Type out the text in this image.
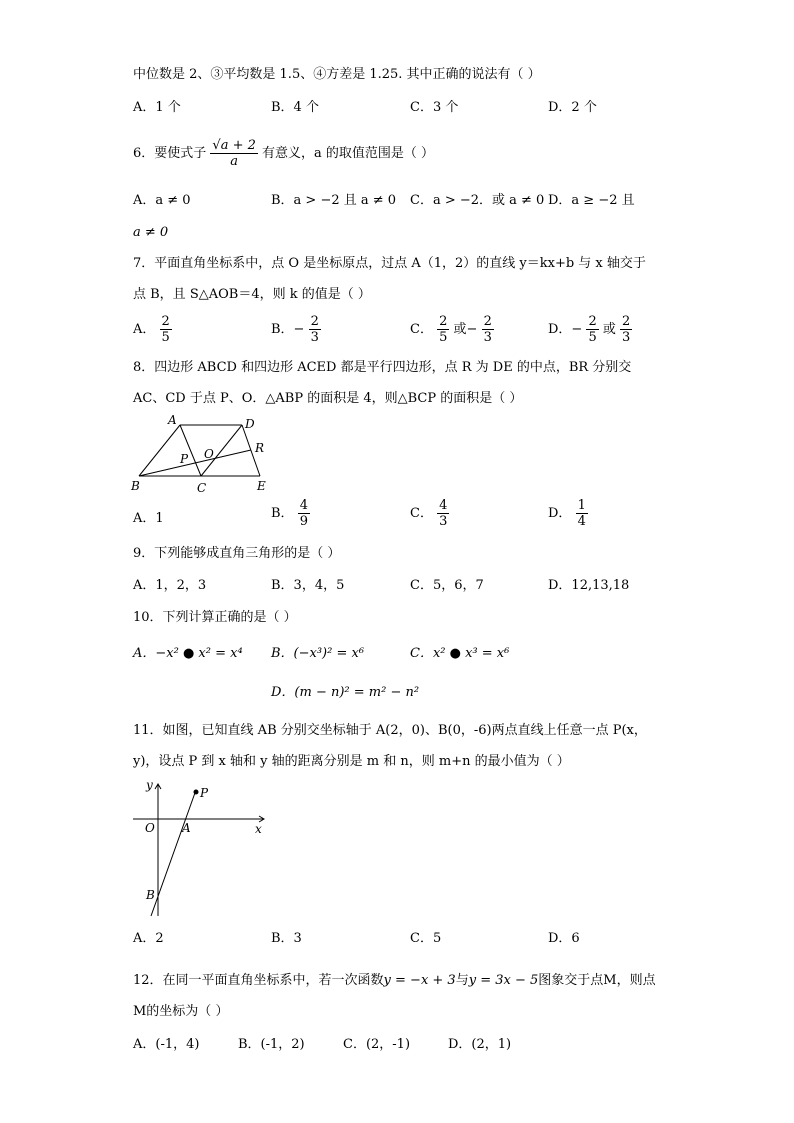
中位数是 2、③平均数是 1.5、④方差是 1.25. 其中正确的说法有（ ）
A．1 个	B．4 个	C．3 个	D．2 个
6．要使式子 $\frac{√a + 2}{a}$ 有意义，a 的取值范围是（ ）
A．a ≠ 0	B．a > −2 且 a ≠ 0 C．a > −2．或 a ≠ 0 D．a ≥ −2 且
a ≠ 0
7．平面直角坐标系中，点 O 是坐标原点，过点 A（1，2）的直线 y＝kx+b 与 x 轴交于
点 B，且 S△AOB＝4，则 k 的值是（ ）
A． $\frac{2}{5}$	B．− $\frac{2}{3}$	C． $\frac{2}{5}$ 或− $\frac{2}{3}$	D．− $\frac{2}{5}$ 或 $\frac{2}{3}$
8．四边形 ABCD 和四边形 ACED 都是平行四边形，点 R 为 DE 的中点，BR 分别交
AC、CD 于点 P、O．△ABP 的面积是 4，则△BCP 的面积是（ ）
A	D
R
P O
B	C	E
A．1	B． $\frac{4}{9}$	C． $\frac{4}{3}$	D． $\frac{1}{4}$
9．下列能够成直角三角形的是（ ）
A．1，2，3	B．3，4，5	C．5，6，7	D．12,13,18
10．下列计算正确的是（ ）
A．−x² ● x² = x⁴ B．(−x³)² = x⁶	C．x² ● x³ = x⁶
D．(m − n)² = m² − n²
11．如图，已知直线 AB 分别交坐标轴于 A(2，0)、B(0，-6)两点直线上任意一点 P(x，
y)，设点 P 到 x 轴和 y 轴的距离分别是 m 和 n，则 m+n 的最小值为（ ）
y
x
O A
B
P
A．2	B．3	C．5	D．6
12．在同一平面直角坐标系中，若一次函数y = −x + 3与y = 3x − 5图象交于点M，则点
M的坐标为（ ）
A．(-1，4)	B．(-1，2)	C．(2，-1)	D．(2，1)
